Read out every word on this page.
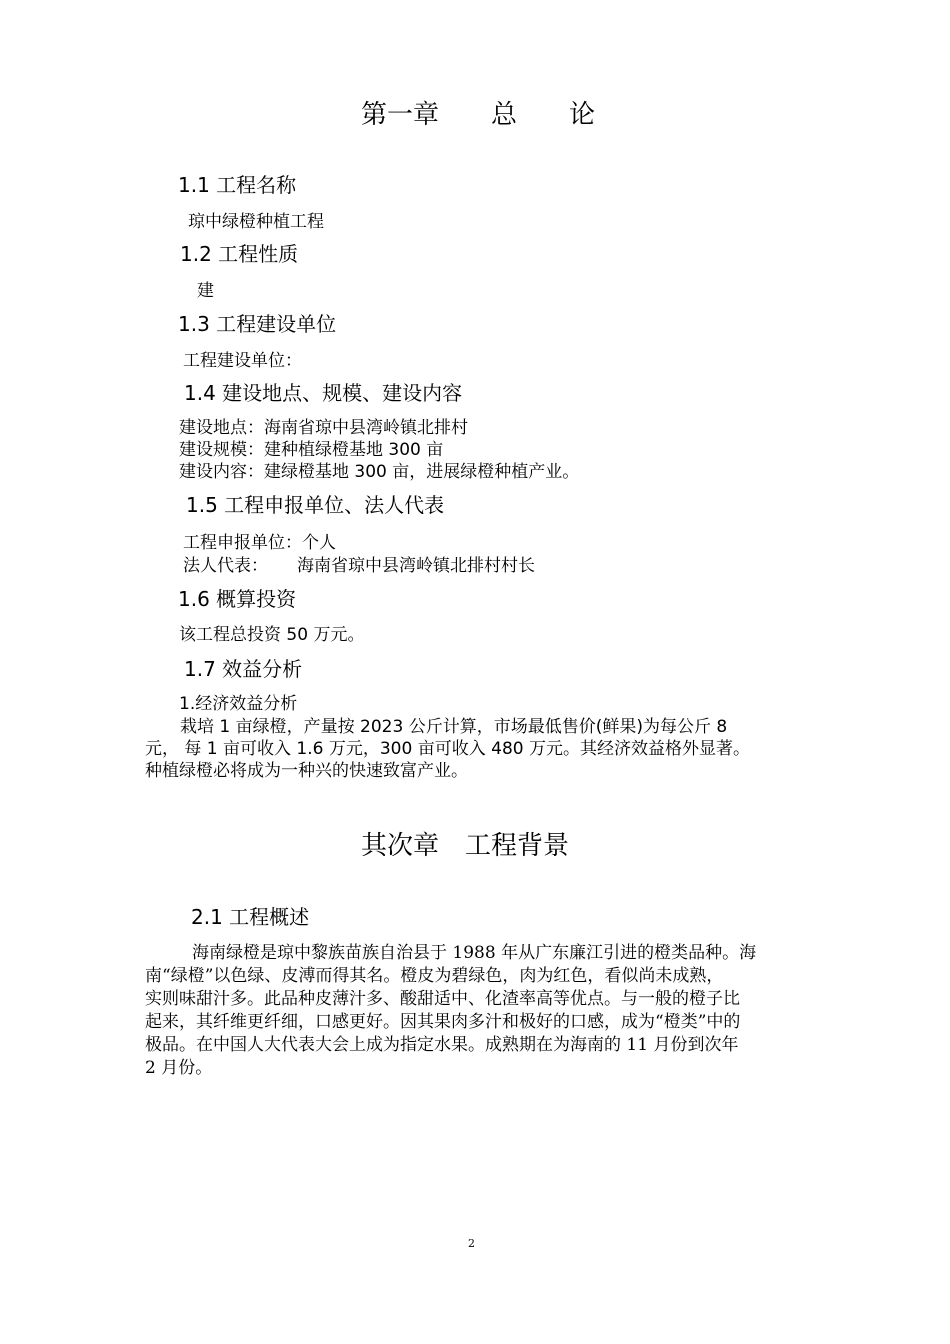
第一章　　总　　论
1.1 工程名称
琼中绿橙种植工程
1.2 工程性质
建
1.3 工程建设单位
工程建设单位：
1.4 建设地点、规模、建设内容
建设地点：海南省琼中县湾岭镇北排村
建设规模：建种植绿橙基地 300 亩
建设内容：建绿橙基地 300 亩，进展绿橙种植产业。
1.5 工程申报单位、法人代表
工程申报单位：个人
法人代表： 海南省琼中县湾岭镇北排村村长
1.6 概算投资
该工程总投资 50 万元。
1.7 效益分析
1.经济效益分析
栽培 1 亩绿橙，产量按 2023 公斤计算，市场最低售价(鲜果)为每公斤 8
元， 每 1 亩可收入 1.6 万元，300 亩可收入 480 万元。其经济效益格外显著。
种植绿橙必将成为一种兴的快速致富产业。
其次章　工程背景
2.1 工程概述
海南绿橙是琼中黎族苗族自治县于 1988 年从广东廉江引进的橙类品种。海
南“绿橙”以色绿、皮溥而得其名。橙皮为碧绿色，肉为红色，看似尚未成熟，
实则味甜汁多。此品种皮薄汁多、酸甜适中、化渣率高等优点。与一般的橙子比
起来，其纤维更纤细，口感更好。因其果肉多汁和极好的口感，成为“橙类”中的
极品。在中国人大代表大会上成为指定水果。成熟期在为海南的 11 月份到次年
2 月份。
2
